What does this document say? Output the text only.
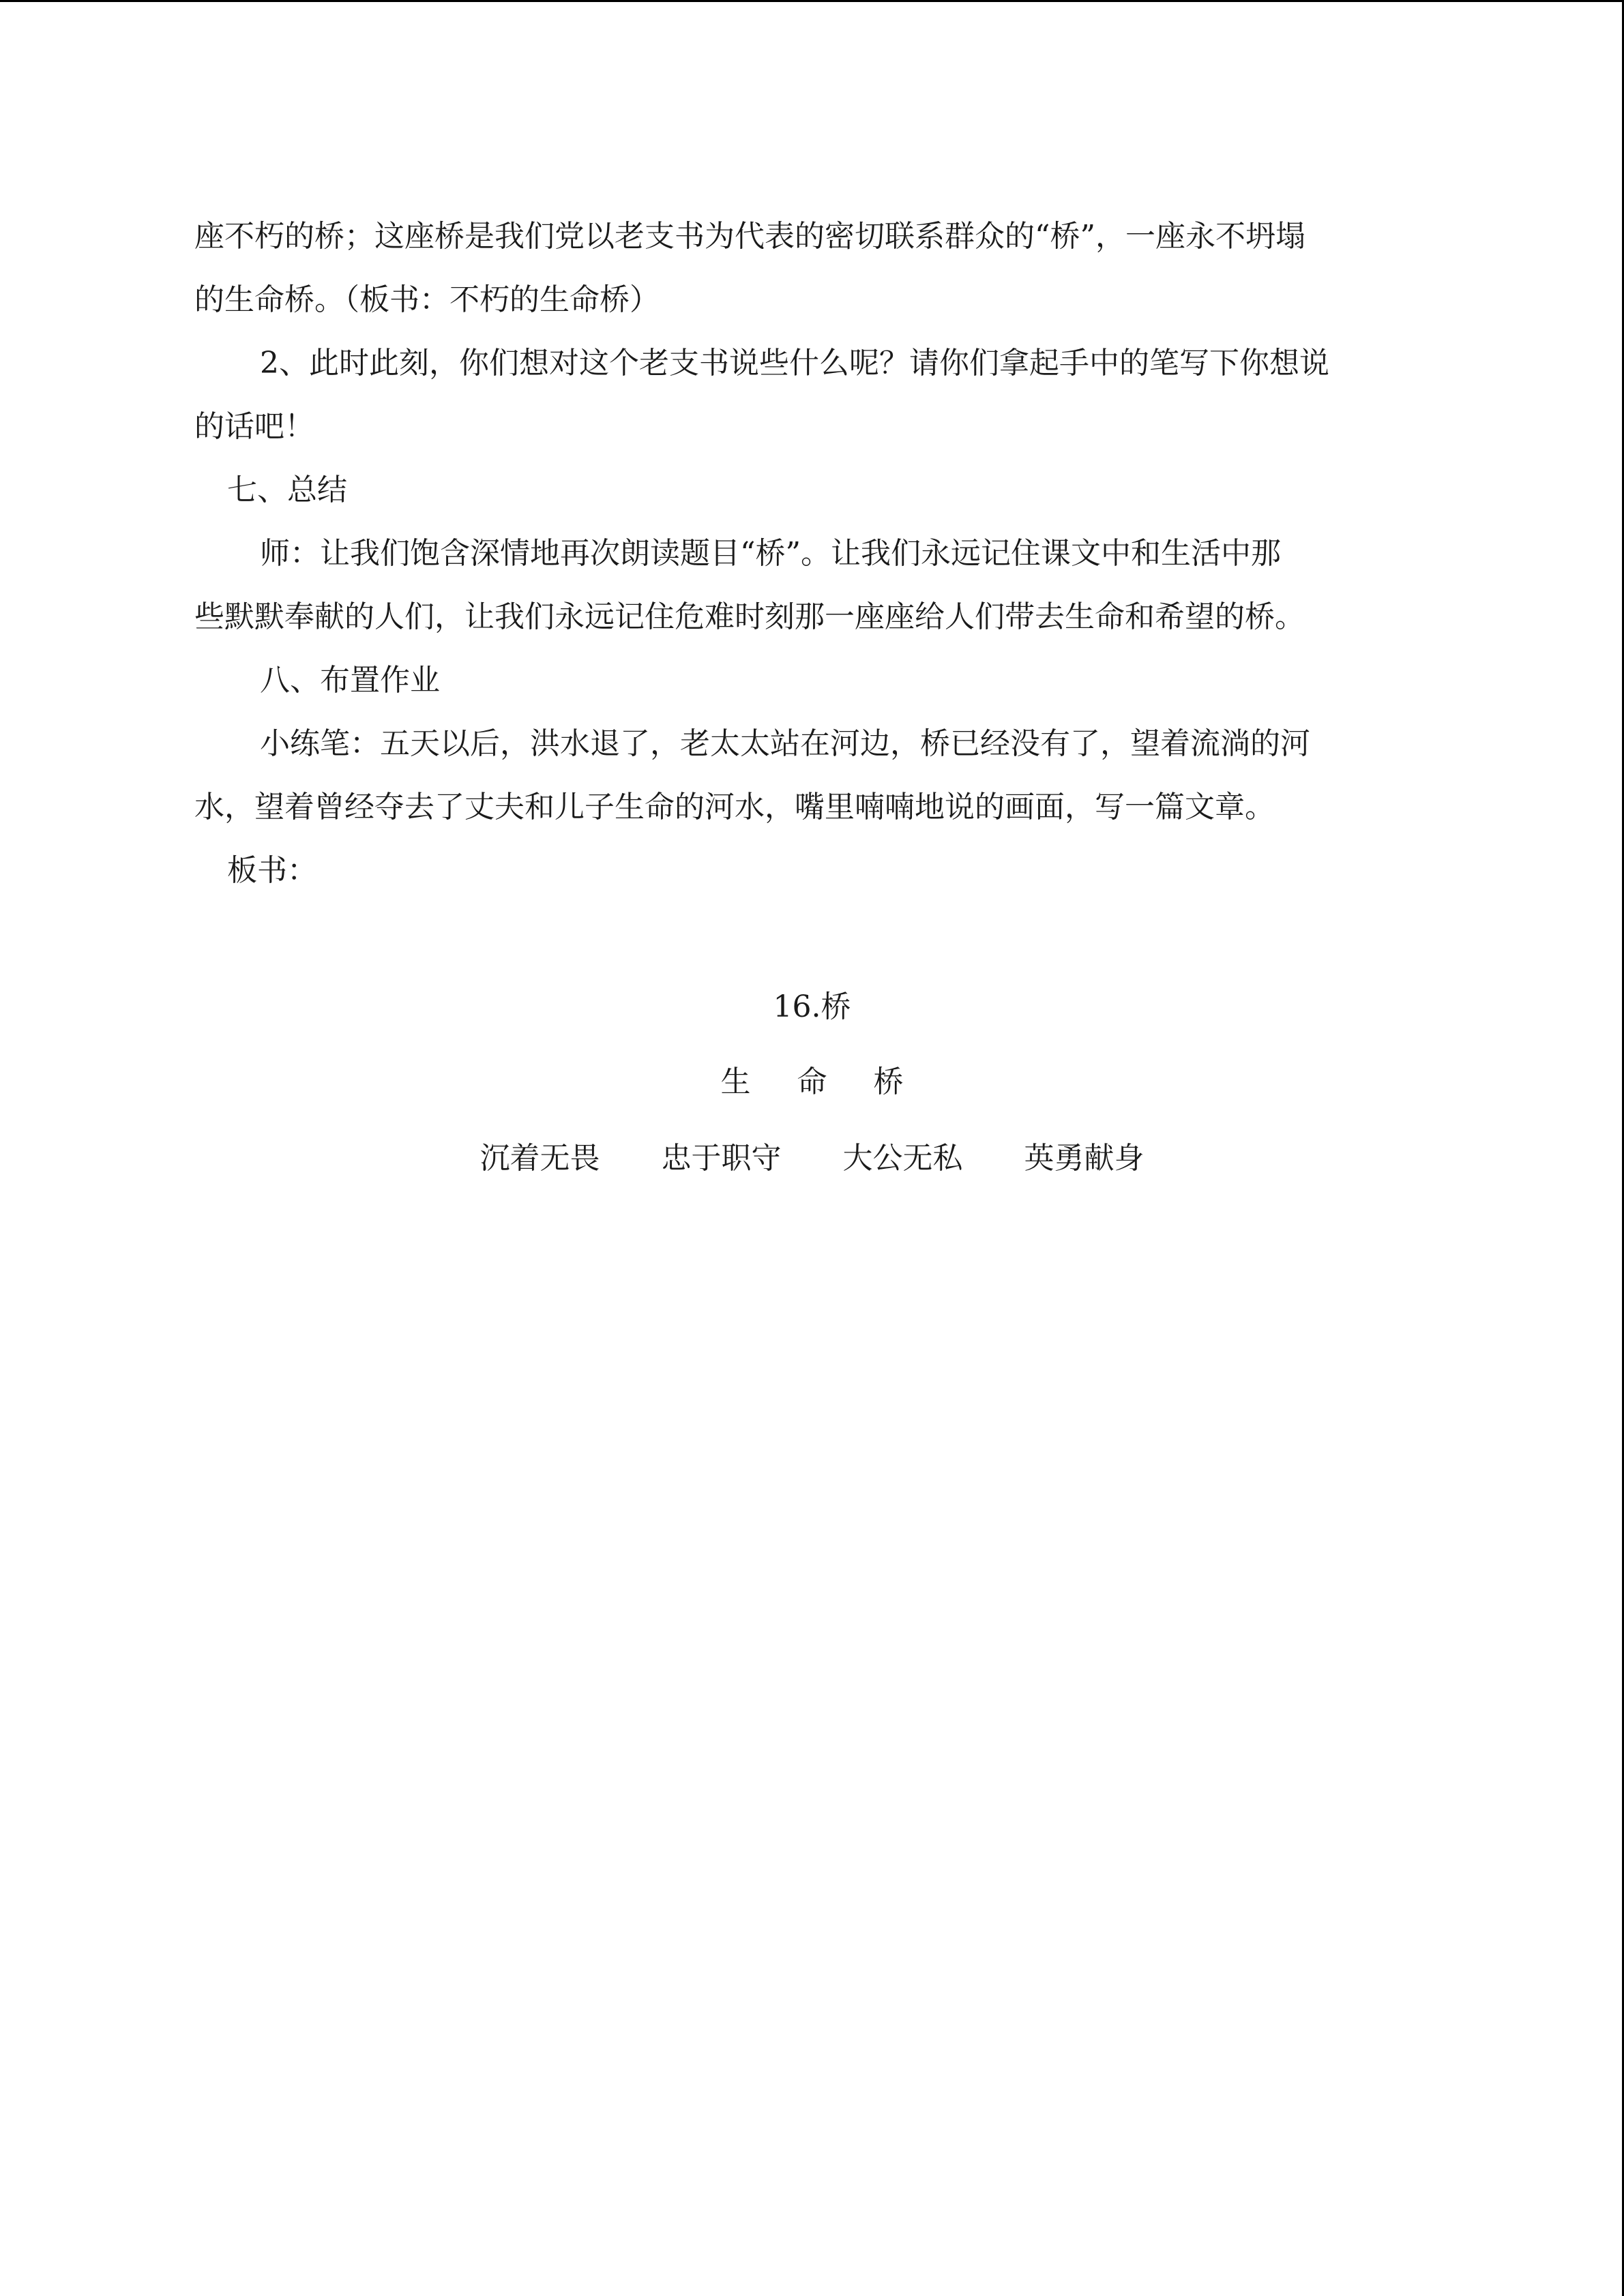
座不朽的桥；这座桥是我们党以老支书为代表的密切联系群众的“桥”，一座永不坍塌

的生命桥。（板书：不朽的生命桥）

2、此时此刻，你们想对这个老支书说些什么呢？请你们拿起手中的笔写下你想说

的话吧！

七、总结

师：让我们饱含深情地再次朗读题目“桥”。让我们永远记住课文中和生活中那

些默默奉献的人们，让我们永远记住危难时刻那一座座给人们带去生命和希望的桥。

八、布置作业

小练笔：五天以后，洪水退了，老太太站在河边，桥已经没有了，望着流淌的河

水，望着曾经夺去了丈夫和儿子生命的河水，嘴里喃喃地说的画面，写一篇文章。

板书：

16.桥
生 命 桥
沉着无畏 忠于职守 大公无私 英勇献身
